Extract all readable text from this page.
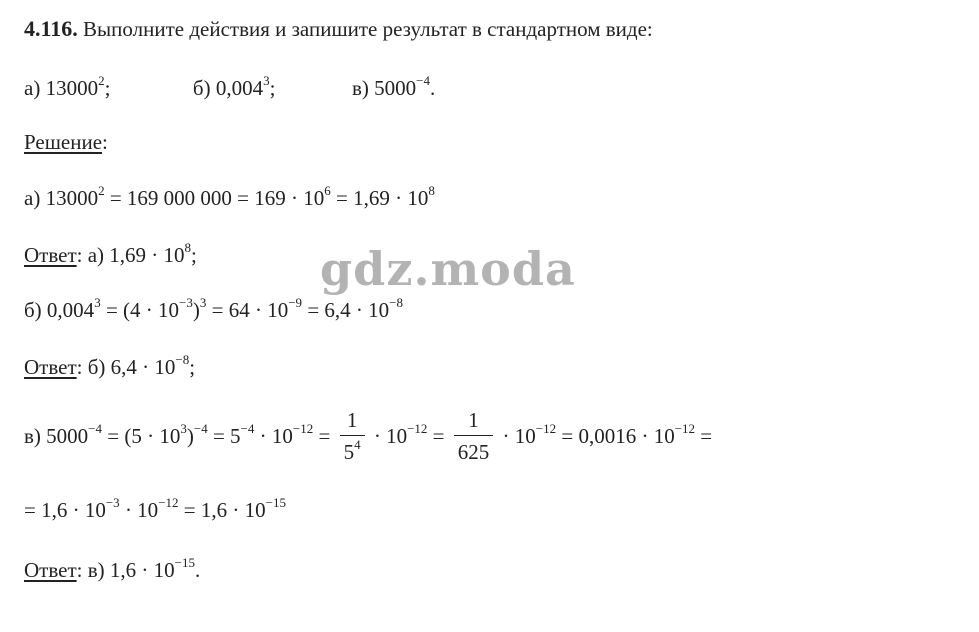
4.116. Выполните действия и запишите результат в стандартном виде:
а) 13000$^2$;	б) 0,004$^3$;	в) $5000^{-4}$.
Решение:
а) $13000^2 = 169$ 000 $000 = 169 \cdot 10^6 = 1,69 \cdot 10^8$
Ответ: а) $1,69 \cdot 10^8$;
б) $0,004^3 = (4 \cdot 10^{-3})^3 = 64 \cdot 10^{-9} = 6,4 \cdot 10^{-8}$
Ответ: б) $6,4 \cdot 10^{-8}$;
в) $5000^{-4} = (5 \cdot 10^3)^{-4} = 5^{-4} \cdot 10^{-12} = \frac{1}{5^4} \cdot 10^{-12} = \frac{1}{625} \cdot 10^{-12} = 0,0016 \cdot 10^{-12}$ =
= $1,6 \cdot 10^{-3} \cdot 10^{-12} = 1,6 \cdot 10^{-15}$
Ответ: в) $1,6 \cdot 10^{-15}$.
gdz.moda
